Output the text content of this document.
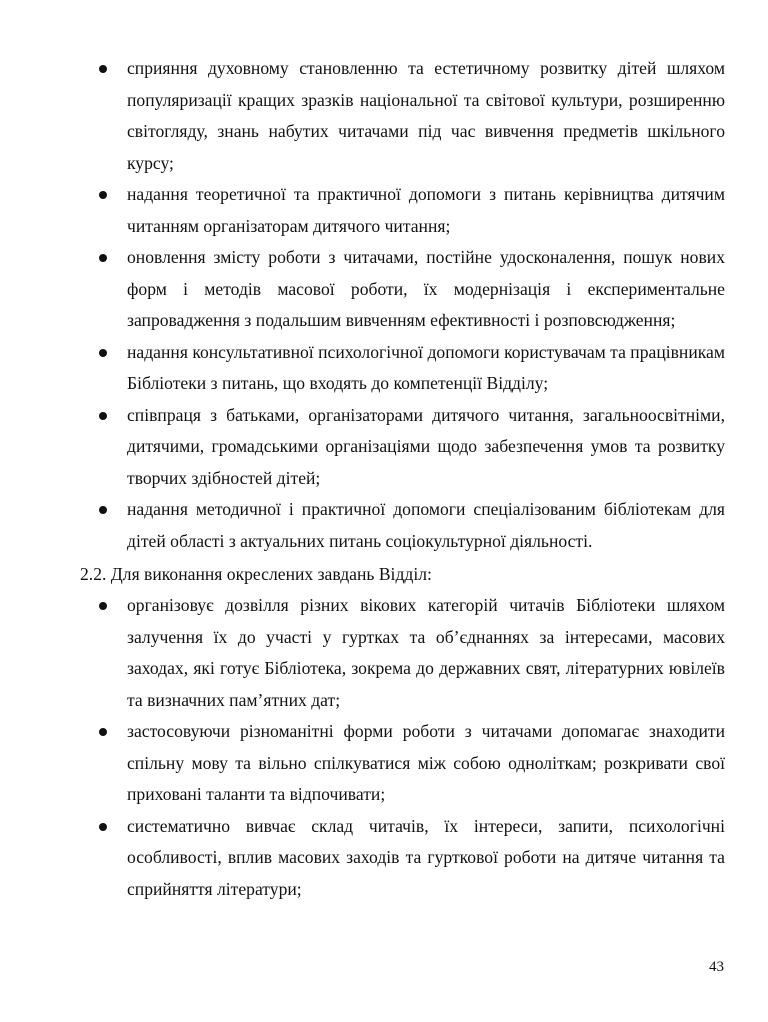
сприяння духовному становленню та естетичному розвитку дітей шляхом популяризації кращих зразків національної та світової культури, розширенню світогляду, знань набутих читачами під час вивчення предметів шкільного курсу;
надання теоретичної та практичної допомоги з питань керівництва дитячим читанням організаторам дитячого читання;
оновлення змісту роботи з читачами, постійне удосконалення, пошук нових форм і методів масової роботи, їх модернізація і експериментальне запровадження з подальшим вивченням ефективності і розповсюдження;
надання консультативної психологічної допомоги користувачам та працівникам Бібліотеки з питань, що входять до компетенції Відділу;
співпраця з батьками, організаторами дитячого читання, загальноосвітніми, дитячими, громадськими організаціями щодо забезпечення умов та розвитку творчих здібностей дітей;
надання методичної і практичної допомоги спеціалізованим бібліотекам для дітей області з актуальних питань соціокультурної діяльності.

2.2. Для виконання окреслених завдань Відділ:

організовує дозвілля різних вікових категорій читачів Бібліотеки шляхом залучення їх до участі у гуртках та об’єднаннях за інтересами, масових заходах, які готує Бібліотека, зокрема до державних свят, літературних ювілеїв та визначних пам’ятних дат;
застосовуючи різноманітні форми роботи з читачами допомагає знаходити спільну мову та вільно спілкуватися між собою одноліткам; розкривати свої приховані таланти та відпочивати;
систематично вивчає склад читачів, їх інтереси, запити, психологічні особливості, вплив масових заходів та гурткової роботи на дитяче читання та сприйняття літератури;
43
